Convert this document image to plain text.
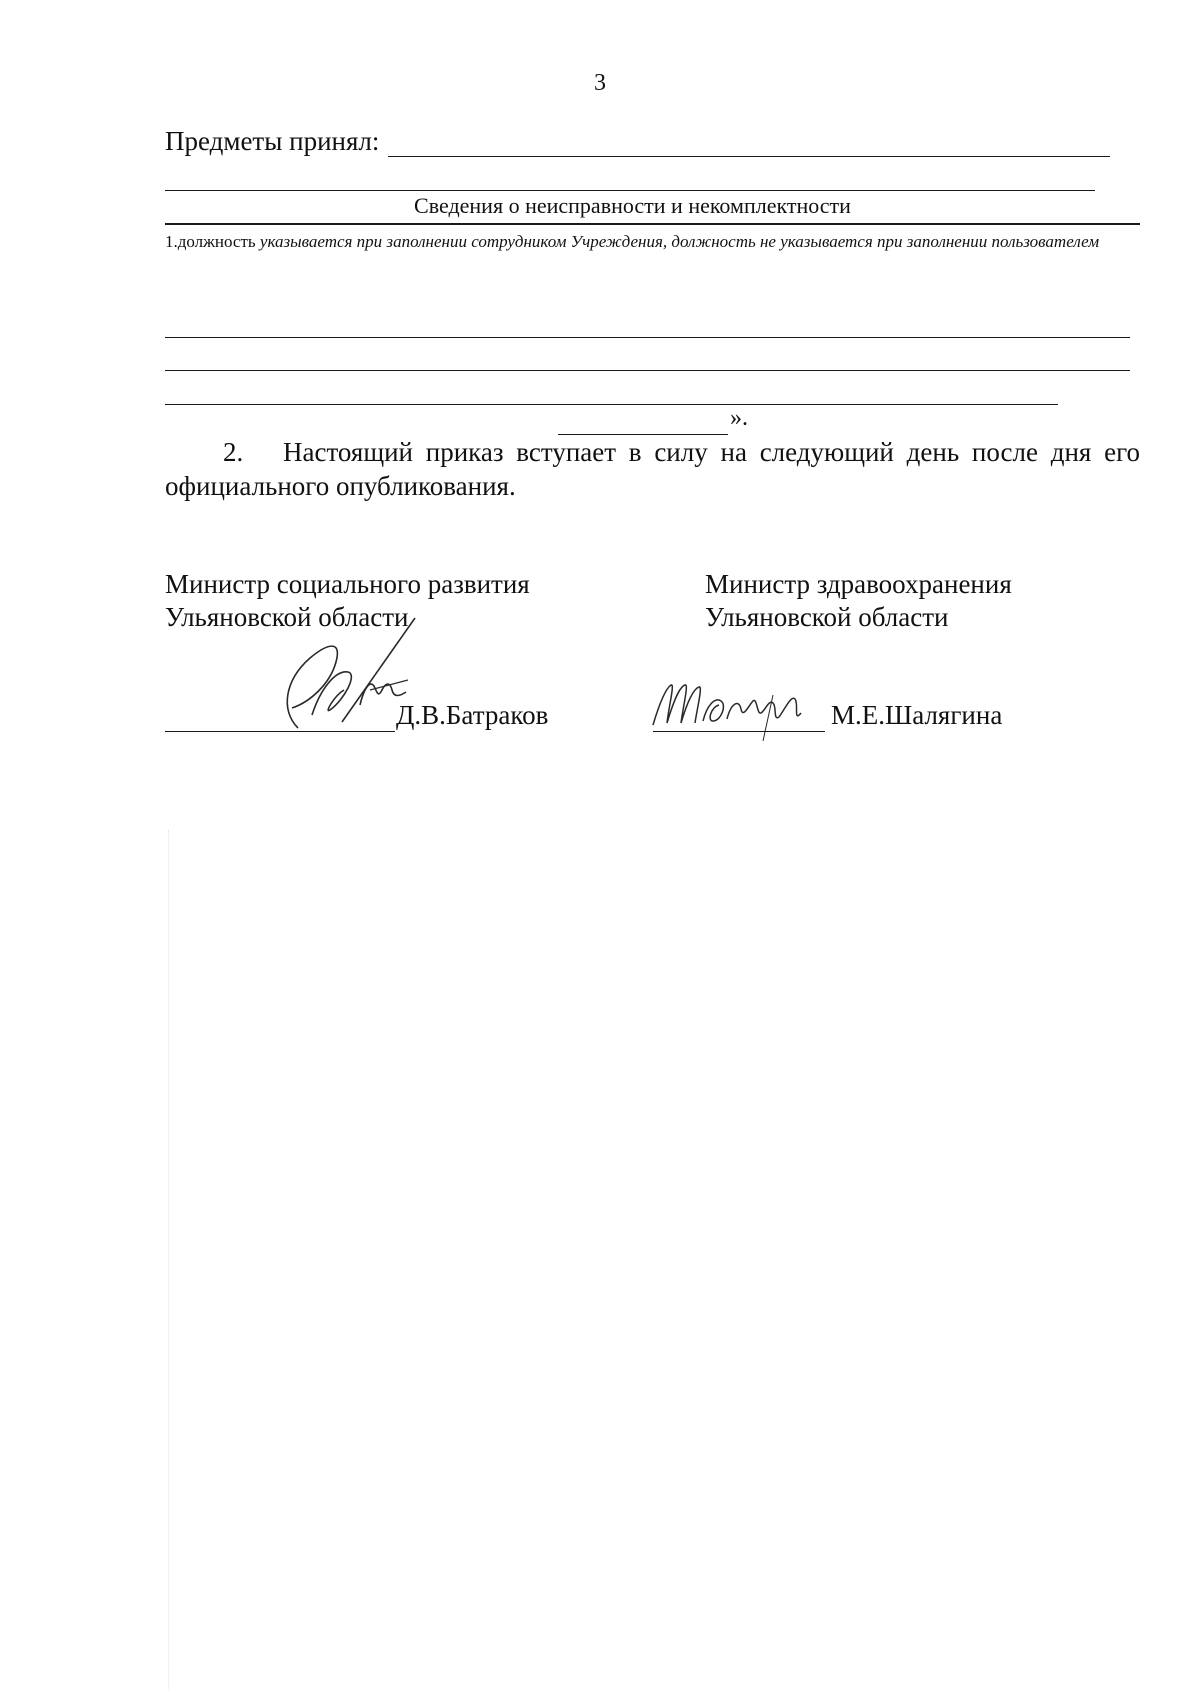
3
Предметы принял:
Сведения о неисправности и некомплектности
1.должность указывается при заполнении сотрудником Учреждения, должность не указывается при заполнении пользователем
».
2. Настоящий приказ вступает в силу на следующий день после дня его официального опубликования.
Министр социального развития
Ульяновской области
Д.В.Батраков
Министр здравоохранения
Ульяновской области
М.Е.Шалягина
